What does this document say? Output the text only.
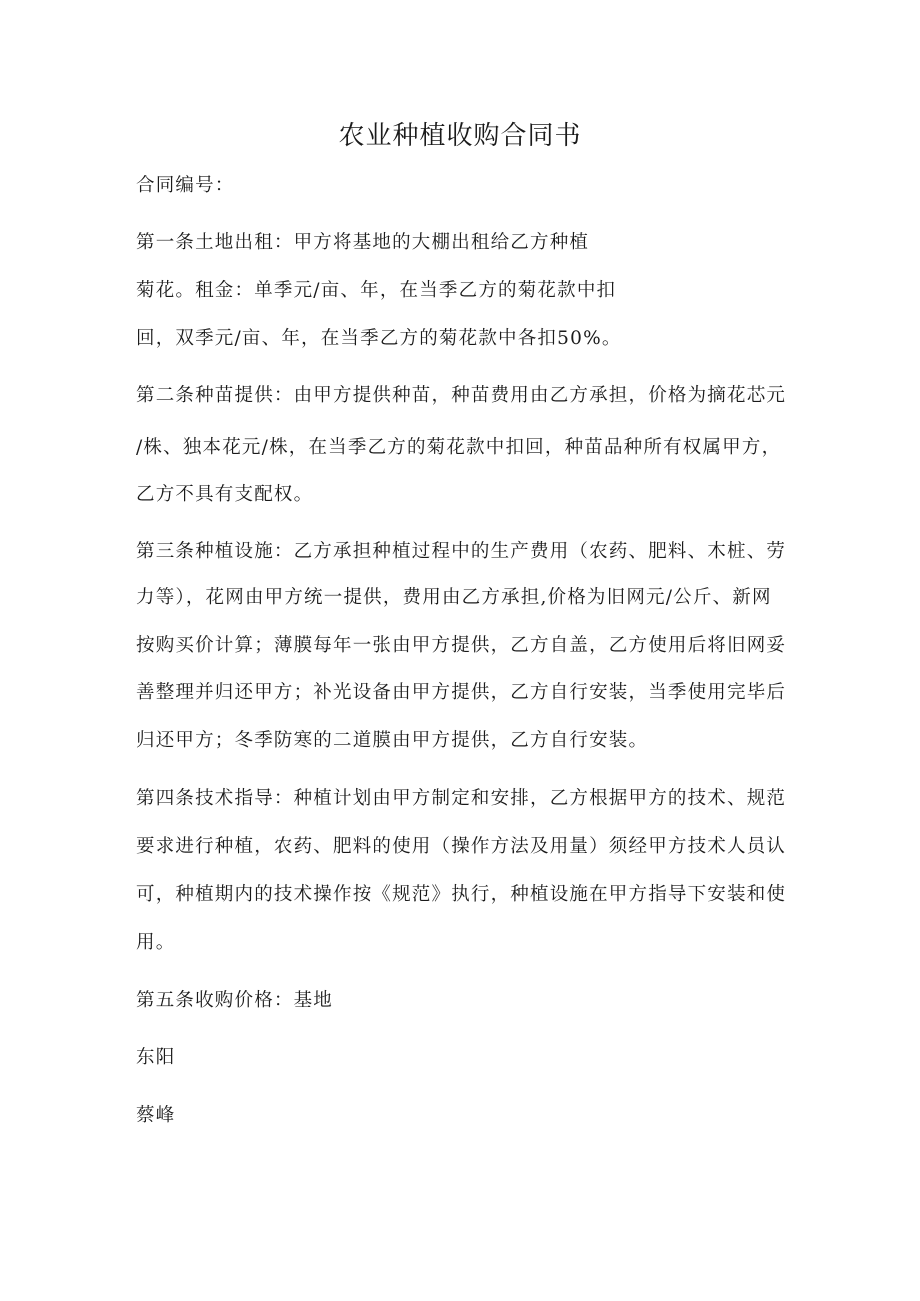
农业种植收购合同书
合同编号：
第一条土地出租：甲方将基地的大棚出租给乙方种植
菊花。租金：单季元/亩、年，在当季乙方的菊花款中扣
回，双季元/亩、年，在当季乙方的菊花款中各扣50%。
第二条种苗提供：由甲方提供种苗，种苗费用由乙方承担，价格为摘花芯元
/株、独本花元/株，在当季乙方的菊花款中扣回，种苗品种所有权属甲方，
乙方不具有支配权。
第三条种植设施：乙方承担种植过程中的生产费用（农药、肥料、木桩、劳
力等），花网由甲方统一提供，费用由乙方承担,价格为旧网元/公斤、新网
按购买价计算；薄膜每年一张由甲方提供，乙方自盖，乙方使用后将旧网妥
善整理并归还甲方；补光设备由甲方提供，乙方自行安装，当季使用完毕后
归还甲方；冬季防寒的二道膜由甲方提供，乙方自行安装。
第四条技术指导：种植计划由甲方制定和安排，乙方根据甲方的技术、规范
要求进行种植，农药、肥料的使用（操作方法及用量）须经甲方技术人员认
可，种植期内的技术操作按《规范》执行，种植设施在甲方指导下安装和使
用。
第五条收购价格：基地
东阳
蔡峰
